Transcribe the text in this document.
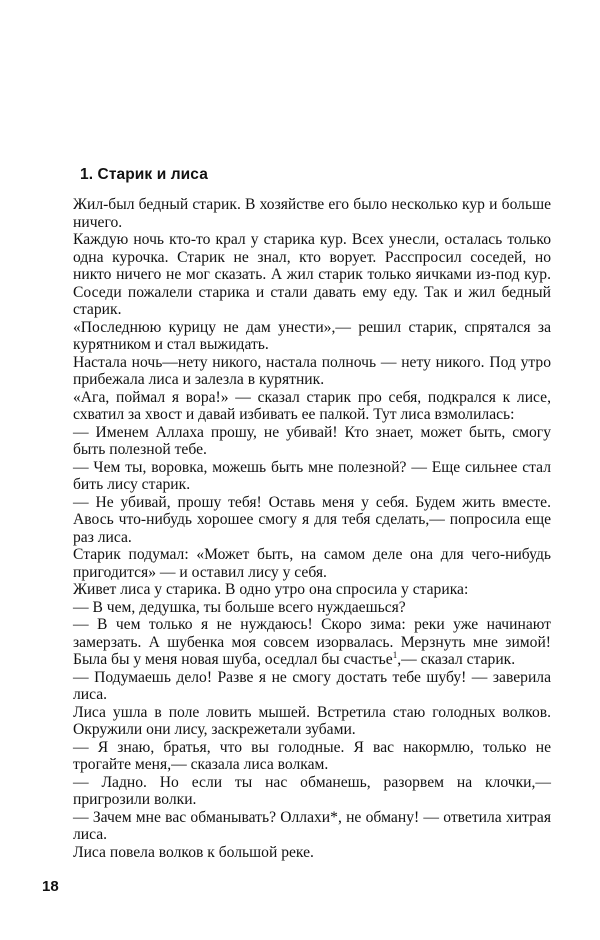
1. Старик и лиса

Жил-был бедный старик. В хозяйстве его было несколько кур и больше ничего.

Каждую ночь кто-то крал у старика кур. Всех унесли, осталась только одна курочка. Старик не знал, кто ворует. Расспросил соседей, но никто ничего не мог сказать. А жил старик только яичками из-под кур. Соседи пожалели старика и стали давать ему еду. Так и жил бедный старик.

«Последнюю курицу не дам унести»,— решил старик, спрятался за курятником и стал выжидать.

Настала ночь—нету никого, настала полночь — нету никого. Под утро прибежала лиса и залезла в курятник.

«Ага, поймал я вора!» — сказал старик про себя, подкрался к лисе, схватил за хвост и давай избивать ее палкой. Тут лиса взмолилась:

— Именем Аллаха прошу, не убивай! Кто знает, может быть, смогу быть полезной тебе.

— Чем ты, воровка, можешь быть мне полезной? — Еще сильнее стал бить лису старик.

— Не убивай, прошу тебя! Оставь меня у себя. Будем жить вместе. Авось что-нибудь хорошее смогу я для тебя сделать,— попросила еще раз лиса.

Старик подумал: «Может быть, на самом деле она для чего-нибудь пригодится» — и оставил лису у себя.

Живет лиса у старика. В одно утро она спросила у старика:

— В чем, дедушка, ты больше всего нуждаешься?

— В чем только я не нуждаюсь! Скоро зима: реки уже начинают замерзать. А шубенка моя совсем изорвалась. Мерзнуть мне зимой! Была бы у меня новая шуба, оседлал бы счастье$^1$,— сказал старик.

— Подумаешь дело! Разве я не смогу достать тебе шубу! — заверила лиса.

Лиса ушла в поле ловить мышей. Встретила стаю голодных волков. Окружили они лису, заскрежетали зубами.

— Я знаю, братья, что вы голодные. Я вас накормлю, только не трогайте меня,— сказала лиса волкам.

— Ладно. Но если ты нас обманешь, разорвем на клочки,— пригрозили волки.

— Зачем мне вас обманывать? Оллахи*, не обману! — ответила хитрая лиса.

Лиса повела волков к большой реке.

18
